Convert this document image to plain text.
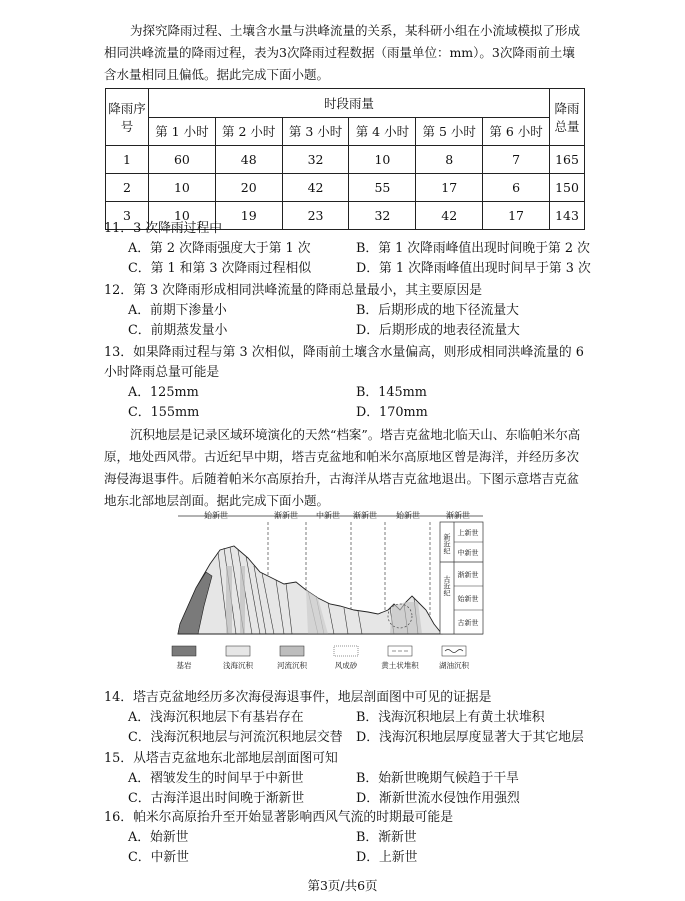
为探究降雨过程、土壤含水量与洪峰流量的关系，某科研小组在小流域模拟了形成相同洪峰流量的降雨过程，表为3次降雨过程数据（雨量单位：mm）。3次降雨前土壤含水量相同且偏低。据此完成下面小题。

降雨序号	时段雨量						降雨总量
	第 1 小时	第 2 小时	第 3 小时	第 4 小时	第 5 小时	第 6 小时	
1	60	48	32	10	8	7	165
2	10	20	42	55	17	6	150
3	10	19	23	32	42	17	143
11．3 次降雨过程中
A．第 2 次降雨强度大于第 1 次	B．第 1 次降雨峰值出现时间晚于第 2 次
C．第 1 和第 3 次降雨过程相似	D．第 1 次降雨峰值出现时间早于第 3 次
12．第 3 次降雨形成相同洪峰流量的降雨总量最小，其主要原因是
A．前期下渗量小	B．后期形成的地下径流量大
C．前期蒸发量小	D．后期形成的地表径流量大
13．如果降雨过程与第 3 次相似，降雨前土壤含水量偏高，则形成相同洪峰流量的 6 小时降雨总量可能是
A．125mm	B．145mm
C．155mm	D．170mm

沉积地层是记录区域环境演化的天然“档案”。塔吉克盆地北临天山、东临帕米尔高原，地处西风带。古近纪早中期，塔吉克盆地和帕米尔高原地区曾是海洋，并经历多次海侵海退事件。后随着帕米尔高原抬升，古海洋从塔吉克盆地退出。下图示意塔吉克盆地东北部地层剖面。据此完成下面小题。

始新世	渐新世 中新世 渐新世 始新世	渐新世
新近纪
古近纪
上新世
中新世
渐新世
始新世
古新世
基岩	浅海沉积	河流沉积	风成砂	黄土状堆积	湖油沉积
14．塔吉克盆地经历多次海侵海退事件，地层剖面图中可见的证据是
A．浅海沉积地层下有基岩存在	B．浅海沉积地层上有黄土状堆积
C．浅海沉积地层与河流沉积地层交替	D．浅海沉积地层厚度显著大于其它地层
15．从塔吉克盆地东北部地层剖面图可知
A．褶皱发生的时间早于中新世	B．始新世晚期气候趋于干旱
C．古海洋退出时间晚于渐新世	D．渐新世流水侵蚀作用强烈
16．帕米尔高原抬升至开始显著影响西风气流的时期最可能是
A．始新世	B．渐新世
C．中新世	D．上新世
第3页/共6页
